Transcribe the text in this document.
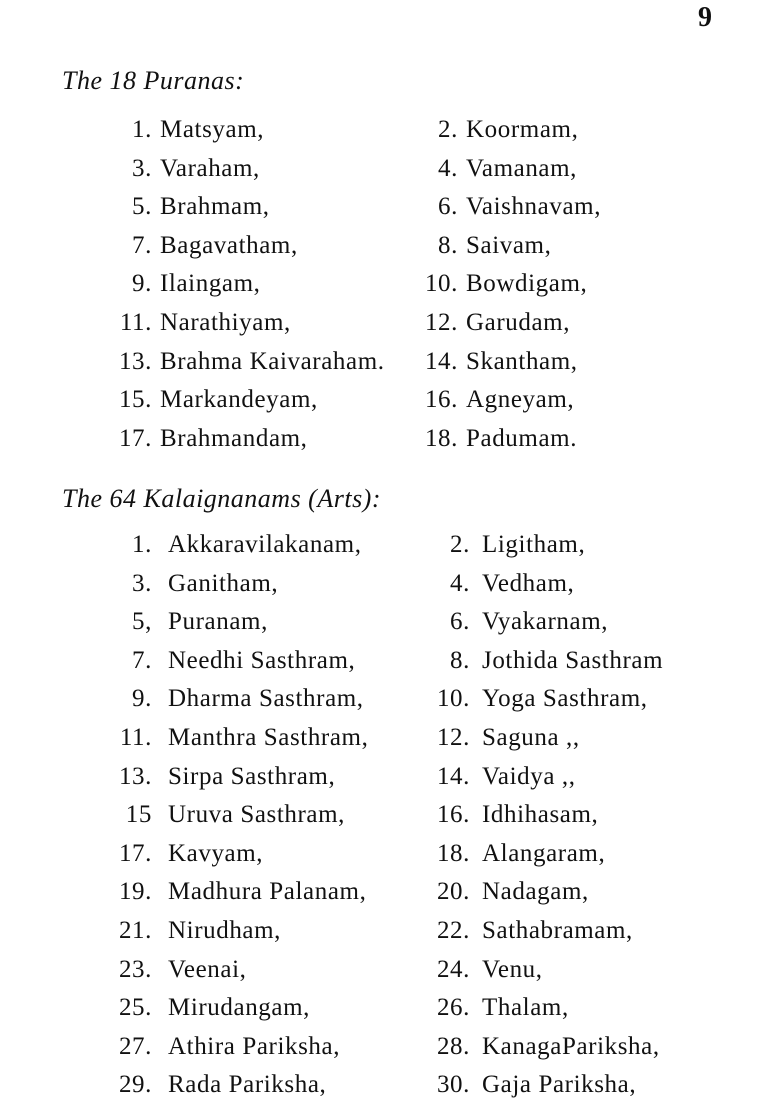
9
The 18 Puranas:
1. Matsyam,	2. Koormam,
3. Varaham,	4. Vamanam,
5. Brahmam,	6. Vaishnavam,
7. Bagavatham,	8. Saivam,
9. Ilaingam,	10. Bowdigam,
11. Narathiyam,	12. Garudam,
13. Brahma Kaivaraham. 14. Skantham,
15. Markandeyam,	16. Agneyam,
17. Brahmandam,	18. Padumam.
The 64 Kalaignanams (Arts):
1. Akkaravilakanam,	2. Ligitham,
3. Ganitham,	4. Vedham,
5, Puranam,	6. Vyakarnam,
7. Needhi Sasthram,	8. Jothida Sasthram
9. Dharma Sasthram,	10. Yoga Sasthram,
11. Manthra Sasthram,	12. Saguna ,,
13. Sirpa Sasthram,	14. Vaidya ,,
15 Uruva Sasthram,	16. Idhihasam,
17. Kavyam,	18. Alangaram,
19. Madhura Palanam,	20. Nadagam,
21. Nirudham,	22. Sathabramam,
23. Veenai,	24. Venu,
25. Mirudangam,	26. Thalam,
27. Athira Pariksha,	28. KanagaPariksha,
29. Rada Pariksha,	30. Gaja Pariksha,
